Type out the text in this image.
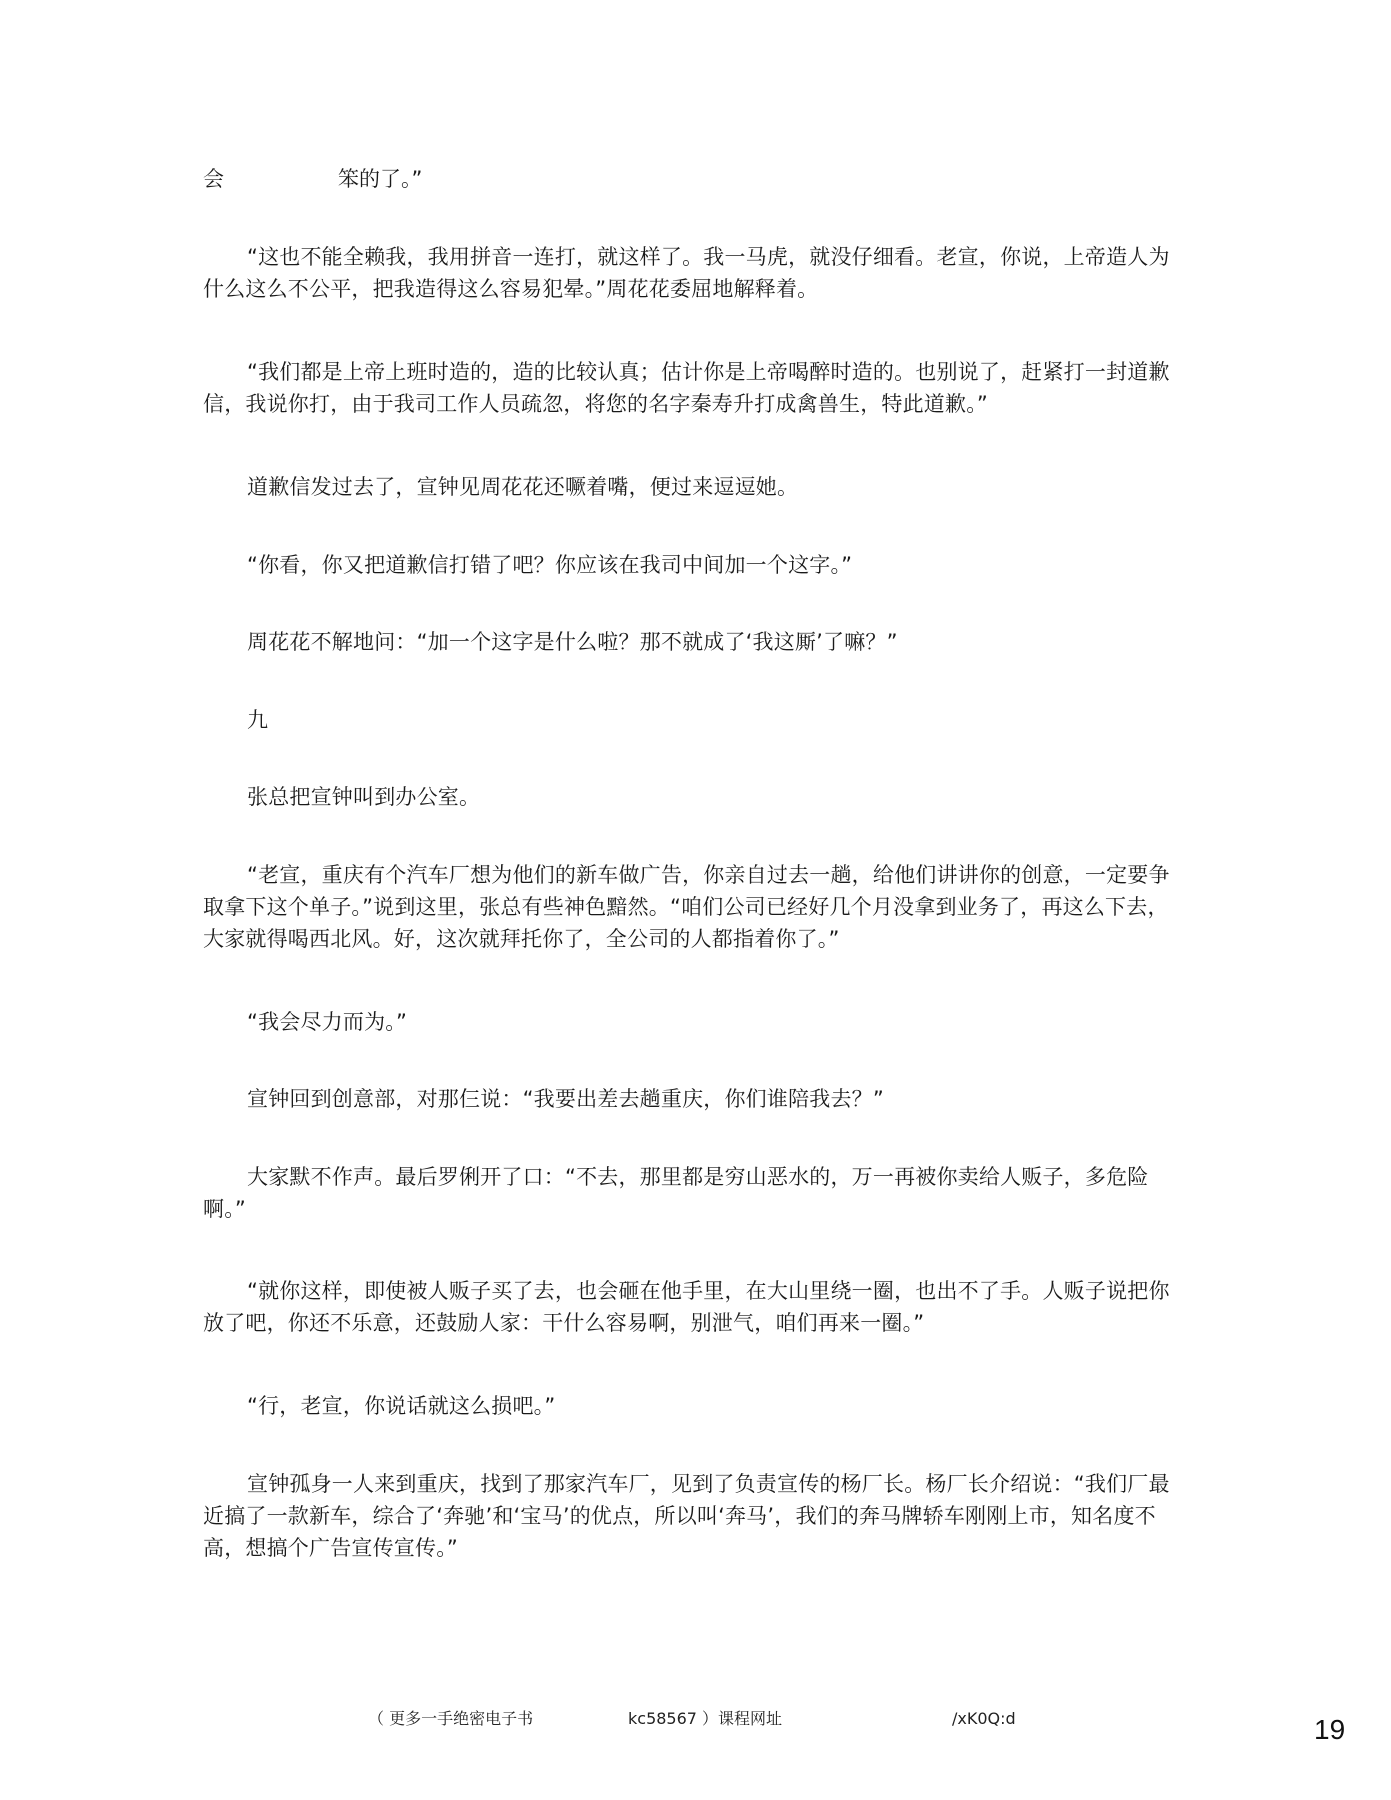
会	笨的了。”

“这也不能全赖我，我用拼音一连打，就这样了。我一马虎，就没仔细看。老宣，你说，上帝造人为什么这么不公平，把我造得这么容易犯晕。”周花花委屈地解释着。

“我们都是上帝上班时造的，造的比较认真；估计你是上帝喝醉时造的。也别说了，赶紧打一封道歉信，我说你打，由于我司工作人员疏忽，将您的名字秦寿升打成禽兽生，特此道歉。”

道歉信发过去了，宣钟见周花花还噘着嘴，便过来逗逗她。

“你看，你又把道歉信打错了吧？你应该在我司中间加一个这字。”

周花花不解地问：“加一个这字是什么啦？那不就成了‘我这厮’了嘛？”

九

张总把宣钟叫到办公室。

“老宣，重庆有个汽车厂想为他们的新车做广告，你亲自过去一趟，给他们讲讲你的创意，一定要争取拿下这个单子。”说到这里，张总有些神色黯然。“咱们公司已经好几个月没拿到业务了，再这么下去，大家就得喝西北风。好，这次就拜托你了，全公司的人都指着你了。”

“我会尽力而为。”

宣钟回到创意部，对那仨说：“我要出差去趟重庆，你们谁陪我去？”

大家默不作声。最后罗俐开了口：“不去，那里都是穷山恶水的，万一再被你卖给人贩子，多危险啊。”

“就你这样，即使被人贩子买了去，也会砸在他手里，在大山里绕一圈，也出不了手。人贩子说把你放了吧，你还不乐意，还鼓励人家：干什么容易啊，别泄气，咱们再来一圈。”

“行，老宣，你说话就这么损吧。”

宣钟孤身一人来到重庆，找到了那家汽车厂，见到了负责宣传的杨厂长。杨厂长介绍说：“我们厂最近搞了一款新车，综合了‘奔驰’和‘宝马’的优点，所以叫‘奔马’，我们的奔马牌轿车刚刚上市，知名度不高，想搞个广告宣传宣传。”

（ 更多一手绝密电子书	kc58567 ）课程网址	/xK0Q:d	19
